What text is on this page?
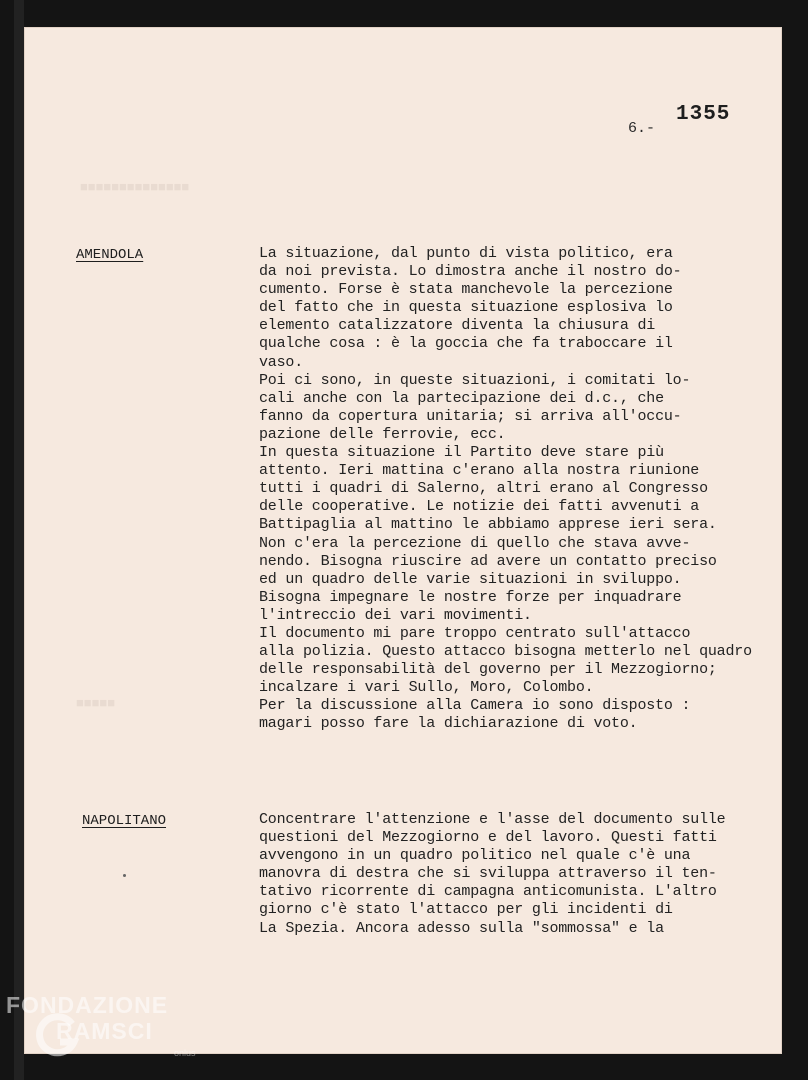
■■■■■■■■■■■■■■
■■■■■
6.-
1355
AMENDOLA	La situazione, dal punto di vista politico, era
da noi prevista. Lo dimostra anche il nostro do-
cumento. Forse è stata manchevole la percezione
del fatto che in questa situazione esplosiva lo
elemento catalizzatore diventa la chiusura di
qualche cosa : è la goccia che fa traboccare il
vaso.
Poi ci sono, in queste situazioni, i comitati lo-
cali anche con la partecipazione dei d.c., che
fanno da copertura unitaria; si arriva all'occu-
pazione delle ferrovie, ecc.
In questa situazione il Partito deve stare più
attento. Ieri mattina c'erano alla nostra riunione
tutti i quadri di Salerno, altri erano al Congresso
delle cooperative. Le notizie dei fatti avvenuti a
Battipaglia al mattino le abbiamo apprese ieri sera.
Non c'era la percezione di quello che stava avve-
nendo. Bisogna riuscire ad avere un contatto preciso
ed un quadro delle varie situazioni in sviluppo.
Bisogna impegnare le nostre forze per inquadrare
l'intreccio dei vari movimenti.
Il documento mi pare troppo centrato sull'attacco
alla polizia. Questo attacco bisogna metterlo nel quadro
delle responsabilità del governo per il Mezzogiorno;
incalzare i vari Sullo, Moro, Colombo.
Per la discussione alla Camera io sono disposto :
magari posso fare la dichiarazione di voto.
NAPOLITANO	Concentrare l'attenzione e l'asse del documento sulle
questioni del Mezzogiorno e del lavoro. Questi fatti
avvengono in un quadro politico nel quale c'è una
manovra di destra che si sviluppa attraverso il ten-
tativo ricorrente di campagna anticomunista. L'altro
giorno c'è stato l'attacco per gli incidenti di
La Spezia. Ancora adesso sulla "sommossa" e la
FONDAZIONE
RAMSCI
onlus
